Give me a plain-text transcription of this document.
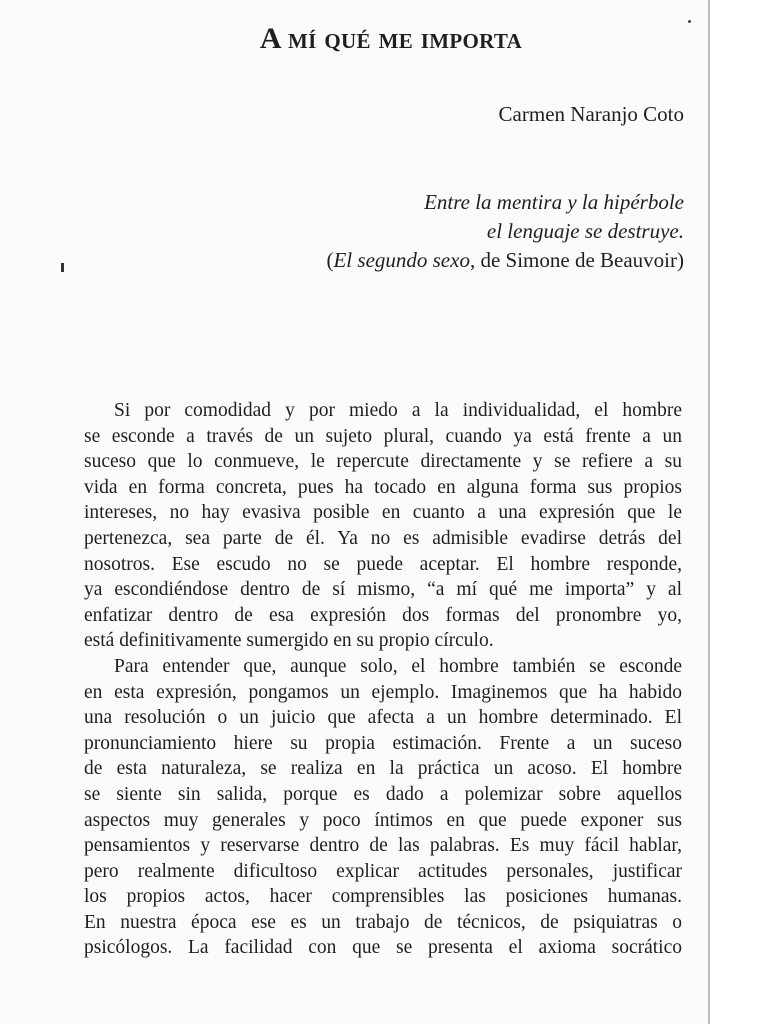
A mí qué me importa

Carmen Naranjo Coto

Entre la mentira y la hipérbole
el lenguaje se destruye.
(El segundo sexo, de Simone de Beauvoir)

Si por comodidad y por miedo a la individualidad, el hombre
se esconde a través de un sujeto plural, cuando ya está frente a un
suceso que lo conmueve, le repercute directamente y se refiere a su
vida en forma concreta, pues ha tocado en alguna forma sus propios
intereses, no hay evasiva posible en cuanto a una expresión que le
pertenezca, sea parte de él. Ya no es admisible evadirse detrás del
nosotros. Ese escudo no se puede aceptar. El hombre responde,
ya escondiéndose dentro de sí mismo, “a mí qué me importa” y al
enfatizar dentro de esa expresión dos formas del pronombre yo,
está definitivamente sumergido en su propio círculo.

Para entender que, aunque solo, el hombre también se esconde
en esta expresión, pongamos un ejemplo. Imaginemos que ha habido
una resolución o un juicio que afecta a un hombre determinado. El
pronunciamiento hiere su propia estimación. Frente a un suceso
de esta naturaleza, se realiza en la práctica un acoso. El hombre
se siente sin salida, porque es dado a polemizar sobre aquellos
aspectos muy generales y poco íntimos en que puede exponer sus
pensamientos y reservarse dentro de las palabras. Es muy fácil hablar,
pero realmente dificultoso explicar actitudes personales, justificar
los propios actos, hacer comprensibles las posiciones humanas.
En nuestra época ese es un trabajo de técnicos, de psiquiatras o
psicólogos. La facilidad con que se presenta el axioma socrático
